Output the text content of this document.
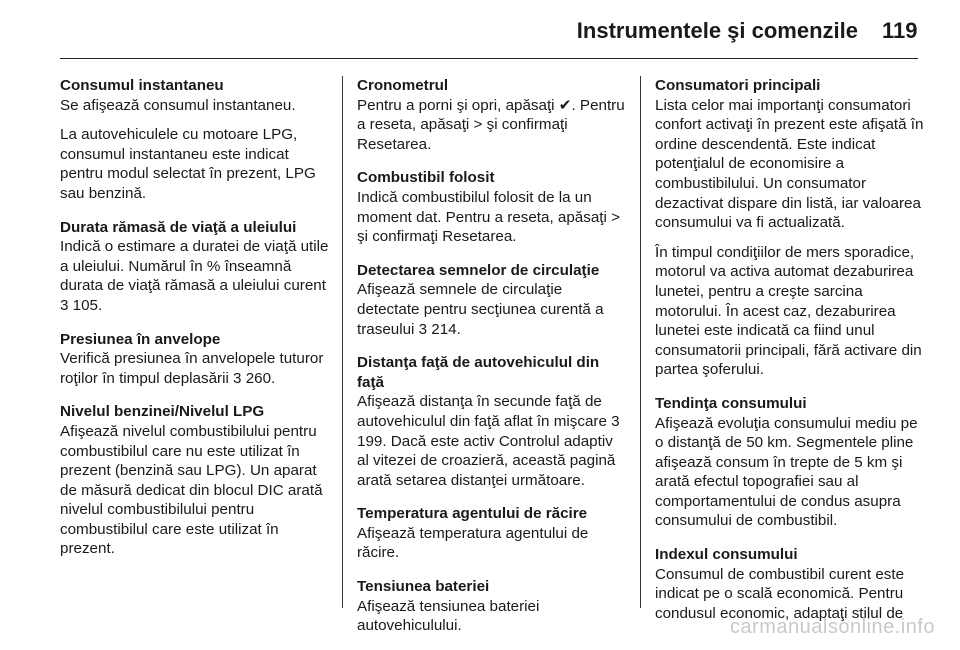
Instrumentele şi comenzile 119
Consumul instantaneu

Se afişează consumul instantaneu.

La autovehiculele cu motoare LPG, consumul instantaneu este indicat pentru modul selectat în prezent, LPG sau benzină.

Durata rămasă de viaţă a uleiului

Indică o estimare a duratei de viaţă utile a uleiului. Numărul în % înseamnă durata de viaţă rămasă a uleiului curent 3 105.

Presiunea în anvelope

Verifică presiunea în anvelopele tuturor roţilor în timpul deplasării 3 260.

Nivelul benzinei/Nivelul LPG

Afişează nivelul combustibilului pentru combustibilul care nu este utilizat în prezent (benzină sau LPG). Un aparat de măsură dedicat din blocul DIC arată nivelul combustibilului pentru combustibilul care este utilizat în prezent.

Cronometrul

Pentru a porni şi opri, apăsaţi ✔. Pentru a reseta, apăsaţi > şi confirmaţi Resetarea.

Combustibil folosit

Indică combustibilul folosit de la un moment dat. Pentru a reseta, apăsaţi > şi confirmaţi Resetarea.

Detectarea semnelor de circulaţie

Afişează semnele de circulaţie detectate pentru secţiunea curentă a traseului 3 214.

Distanţa faţă de autovehiculul din faţă

Afişează distanţa în secunde faţă de autovehiculul din faţă aflat în mişcare 3 199. Dacă este activ Controlul adaptiv al vitezei de croazieră, această pagină arată setarea distanţei următoare.

Temperatura agentului de răcire

Afişează temperatura agentului de răcire.

Tensiunea bateriei

Afişează tensiunea bateriei autovehiculului.

Consumatori principali

Lista celor mai importanţi consumatori confort activaţi în prezent este afişată în ordine descendentă. Este indicat potenţialul de economisire a combustibilului. Un consumator dezactivat dispare din listă, iar valoarea consumului va fi actualizată.

În timpul condiţiilor de mers sporadice, motorul va activa automat dezaburirea lunetei, pentru a creşte sarcina motorului. În acest caz, dezaburirea lunetei este indicată ca fiind unul consumatorii principali, fără activare din partea şoferului.

Tendinţa consumului

Afişează evoluţia consumului mediu pe o distanţă de 50 km. Segmentele pline afişează consum în trepte de 5 km şi arată efectul topografiei sau al comportamentului de condus asupra consumului de combustibil.

Indexul consumului

Consumul de combustibil curent este indicat pe o scală economică. Pentru condusul economic, adaptaţi stilul de

carmanualsonline.info
